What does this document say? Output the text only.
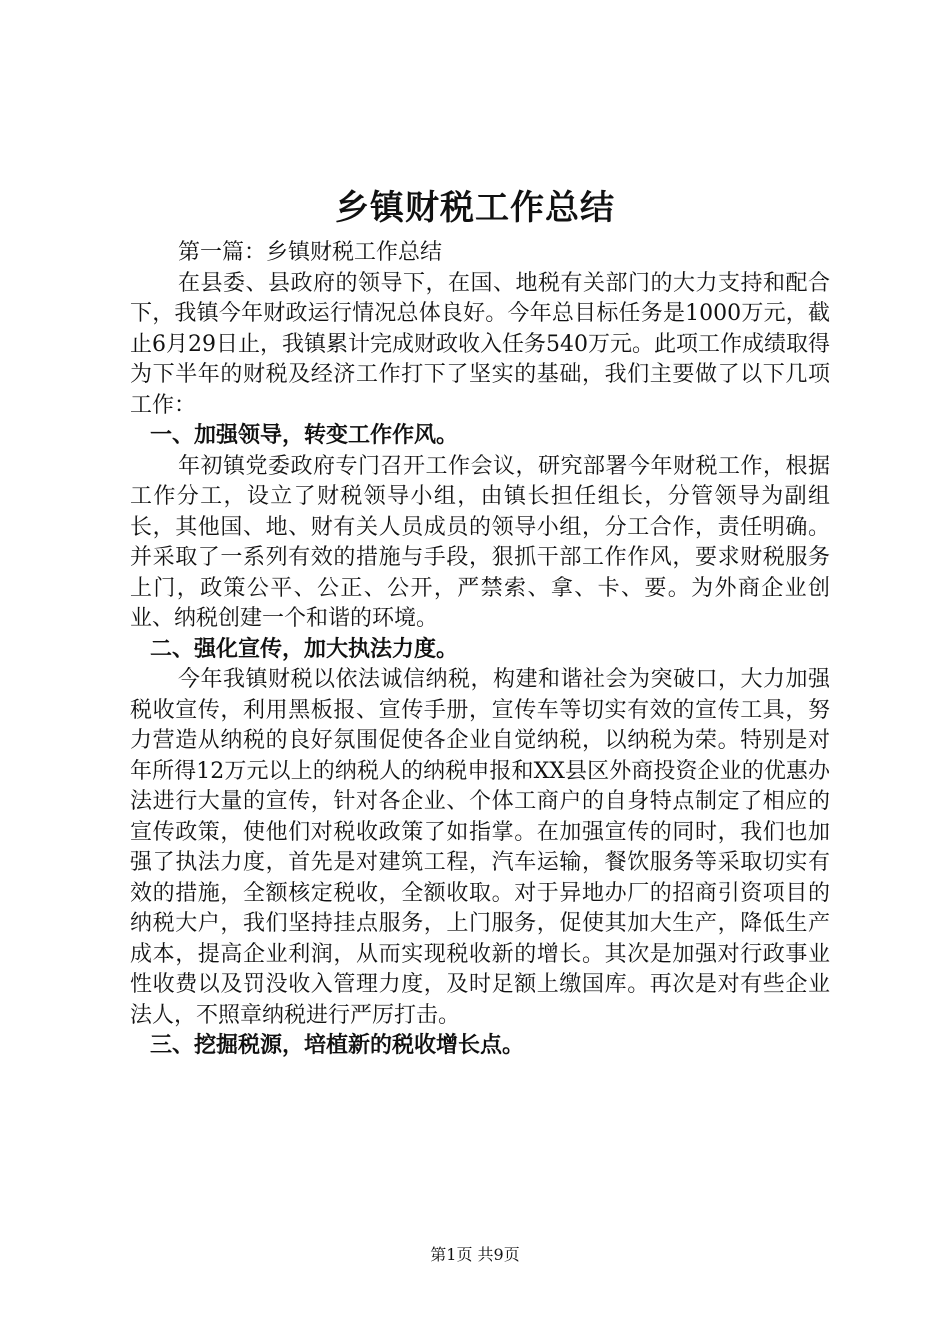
乡镇财税工作总结

第一篇：乡镇财税工作总结

在县委、县政府的领导下，在国、地税有关部门的大力支持和配合下，我镇今年财政运行情况总体良好。今年总目标任务是1000万元，截止6月29日止，我镇累计完成财政收入任务540万元。此项工作成绩取得为下半年的财税及经济工作打下了坚实的基础，我们主要做了以下几项工作：

一、加强领导，转变工作作风。

年初镇党委政府专门召开工作会议，研究部署今年财税工作，根据工作分工，设立了财税领导小组，由镇长担任组长，分管领导为副组长，其他国、地、财有关人员成员的领导小组，分工合作，责任明确。并采取了一系列有效的措施与手段，狠抓干部工作作风，要求财税服务上门，政策公平、公正、公开，严禁索、拿、卡、要。为外商企业创业、纳税创建一个和谐的环境。

二、强化宣传，加大执法力度。

今年我镇财税以依法诚信纳税，构建和谐社会为突破口，大力加强税收宣传，利用黑板报、宣传手册，宣传车等切实有效的宣传工具，努力营造从纳税的良好氛围促使各企业自觉纳税，以纳税为荣。特别是对年所得12万元以上的纳税人的纳税申报和XX县区外商投资企业的优惠办法进行大量的宣传，针对各企业、个体工商户的自身特点制定了相应的宣传政策，使他们对税收政策了如指掌。在加强宣传的同时，我们也加强了执法力度，首先是对建筑工程，汽车运输，餐饮服务等采取切实有效的措施，全额核定税收，全额收取。对于异地办厂的招商引资项目的纳税大户，我们坚持挂点服务，上门服务，促使其加大生产，降低生产成本，提高企业利润，从而实现税收新的增长。其次是加强对行政事业性收费以及罚没收入管理力度，及时足额上缴国库。再次是对有些企业法人，不照章纳税进行严厉打击。

三、挖掘税源，培植新的税收增长点。

第1页 共9页
